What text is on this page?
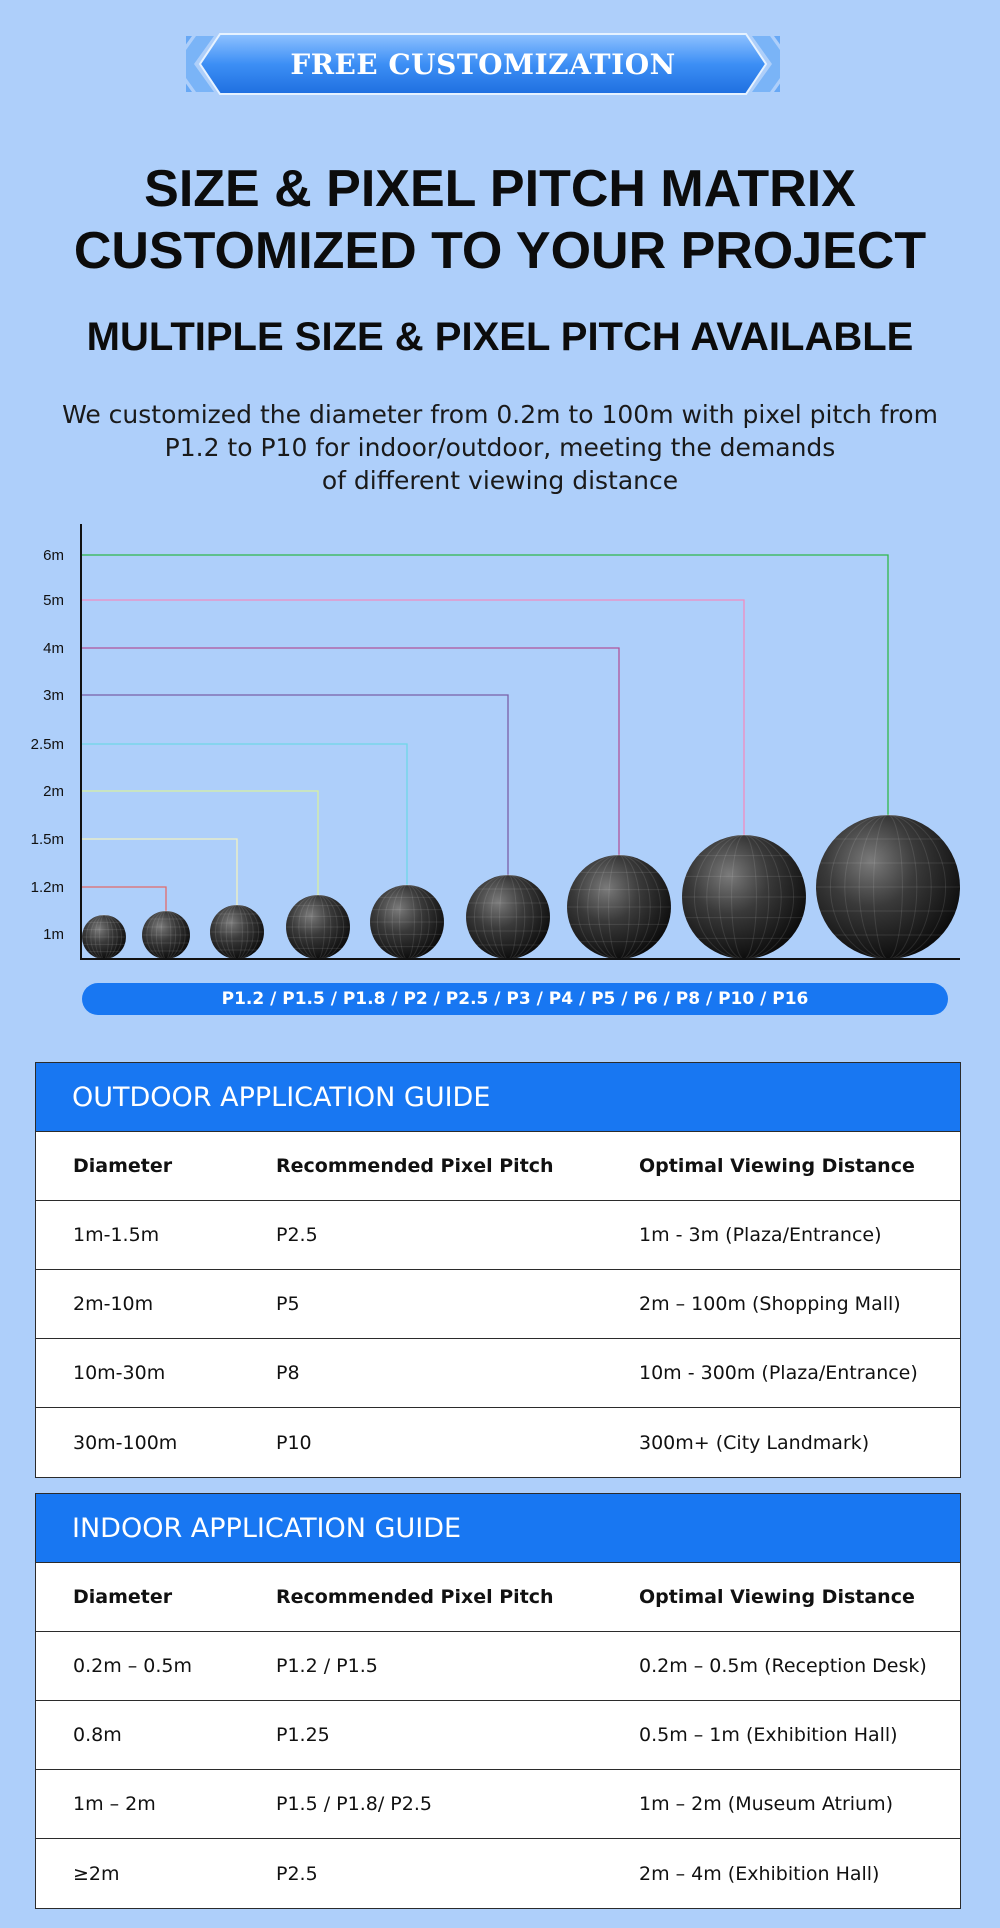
FREE CUSTOMIZATION
SIZE & PIXEL PITCH MATRIX
CUSTOMIZED TO YOUR PROJECT
MULTIPLE SIZE & PIXEL PITCH AVAILABLE
We customized the diameter from 0.2m to 100m with pixel pitch from
P1.2 to P10 for indoor/outdoor, meeting the demands
of different viewing distance
1m
1.2m
1.5m
2m
2.5m
3m
4m
5m
6m
P1.2 / P1.5 / P1.8 / P2 / P2.5 / P3 / P4 / P5 / P6 / P8 / P10 / P16
OUTDOOR APPLICATION GUIDE
Diameter	Recommended Pixel Pitch	Optimal Viewing Distance
1m-1.5m	P2.5	1m - 3m (Plaza/Entrance)
2m-10m	P5	2m – 100m (Shopping Mall)
10m-30m	P8	10m - 300m (Plaza/Entrance)
30m-100m	P10	300m+ (City Landmark)
INDOOR APPLICATION GUIDE
Diameter	Recommended Pixel Pitch	Optimal Viewing Distance
0.2m – 0.5m	P1.2 / P1.5	0.2m – 0.5m (Reception Desk)
0.8m	P1.25	0.5m – 1m (Exhibition Hall)
1m – 2m	P1.5 / P1.8/ P2.5	1m – 2m (Museum Atrium)
≥2m	P2.5	2m – 4m (Exhibition Hall)
